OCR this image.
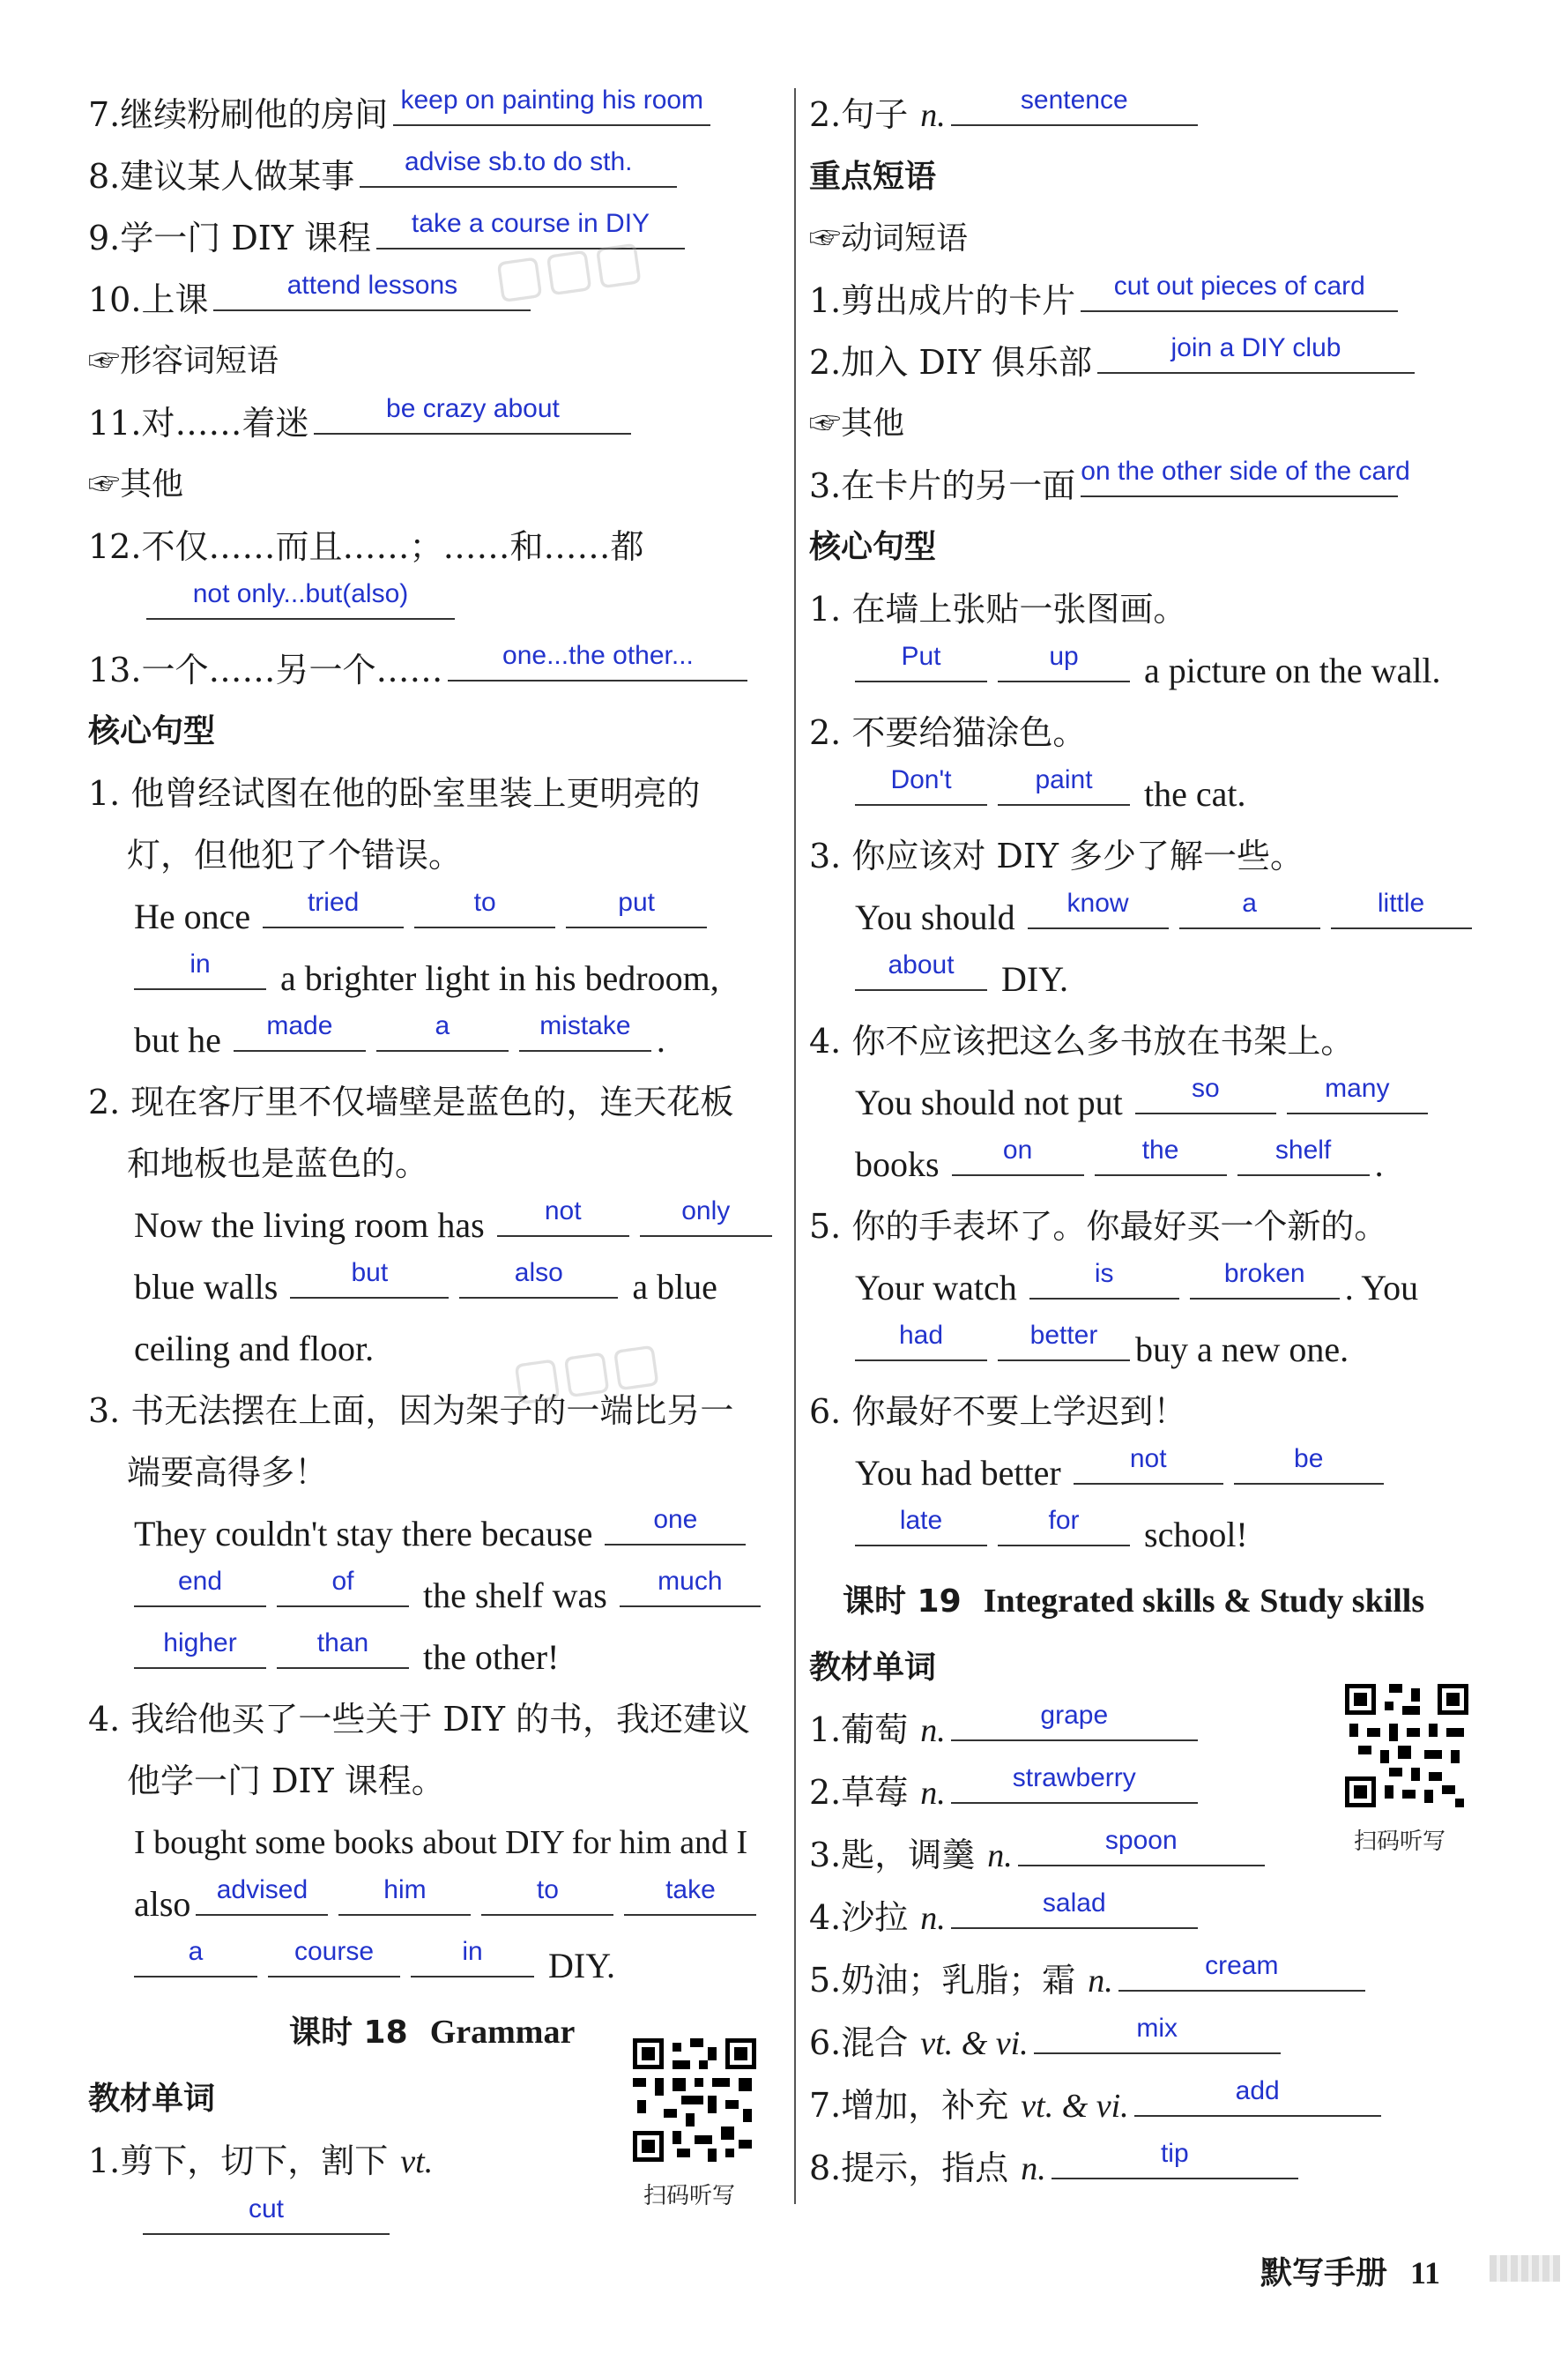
7.继续粉刷他的房间 keep on painting his room
8.建议某人做某事	advise sb.to do sth.
9.学一门 DIY 课程	take a course in DIY
10.上课	attend lessons
☞形容词短语
11.对……着迷	be crazy about
☞其他
12.不仅……而且……；……和……都
not only...but(also)
13.一个……另一个……	one...the other...
核心句型
1. 他曾经试图在他的卧室里装上更明亮的
灯，但他犯了个错误。
He once	tried	to	put
in	a brighter light in his bedroom,
but he	made	a	mistake .
2. 现在客厅里不仅墙壁是蓝色的，连天花板
和地板也是蓝色的。
Now the living room has	not	only
blue walls	but	also	a blue
ceiling and floor.
3. 书无法摆在上面，因为架子的一端比另一
端要高得多！
They couldn't stay there because	one
end	of	the shelf was	much
higher	than	the other!
4. 我给他买了一些关于 DIY 的书，我还建议
他学一门 DIY 课程。
I bought some books about DIY for him and I
also advised	him	to	take
a	course	in	DIY.
课时 18 Grammar
教材单词
1.剪下，切下，割下 vt.
cut	扫码听写
2.句子 n.	sentence
重点短语
☞动词短语
1.剪出成片的卡片	cut out pieces of card
2.加入 DIY 俱乐部	join a DIY club
☞其他
3.在卡片的另一面 on the other side of the card
核心句型
1. 在墙上张贴一张图画。
Put	up	a picture on the wall.
2. 不要给猫涂色。
Don't	paint	the cat.
3. 你应该对 DIY 多少了解一些。
You should	know	a	little
about	DIY.
4. 你不应该把这么多书放在书架上。
You should not put	so	many
books	on	the	shelf	.
5. 你的手表坏了。你最好买一个新的。
Your watch	is	broken	. You
had	better	buy a new one.
6. 你最好不要上学迟到！
You had better	not	be
late	for	school!
课时 19 Integrated skills & Study skills
教材单词
1.葡萄 n.	grape
2.草莓 n.	strawberry
3.匙，调羹 n.	spoon
4.沙拉 n.	salad
5.奶油；乳脂；霜 n.	cream
6.混合 vt. & vi.	mix
7.增加，补充 vt. & vi.	add
8.提示，指点 n.	tip
扫码听写
▢▢▢
▢▢▢
默写手册 11
